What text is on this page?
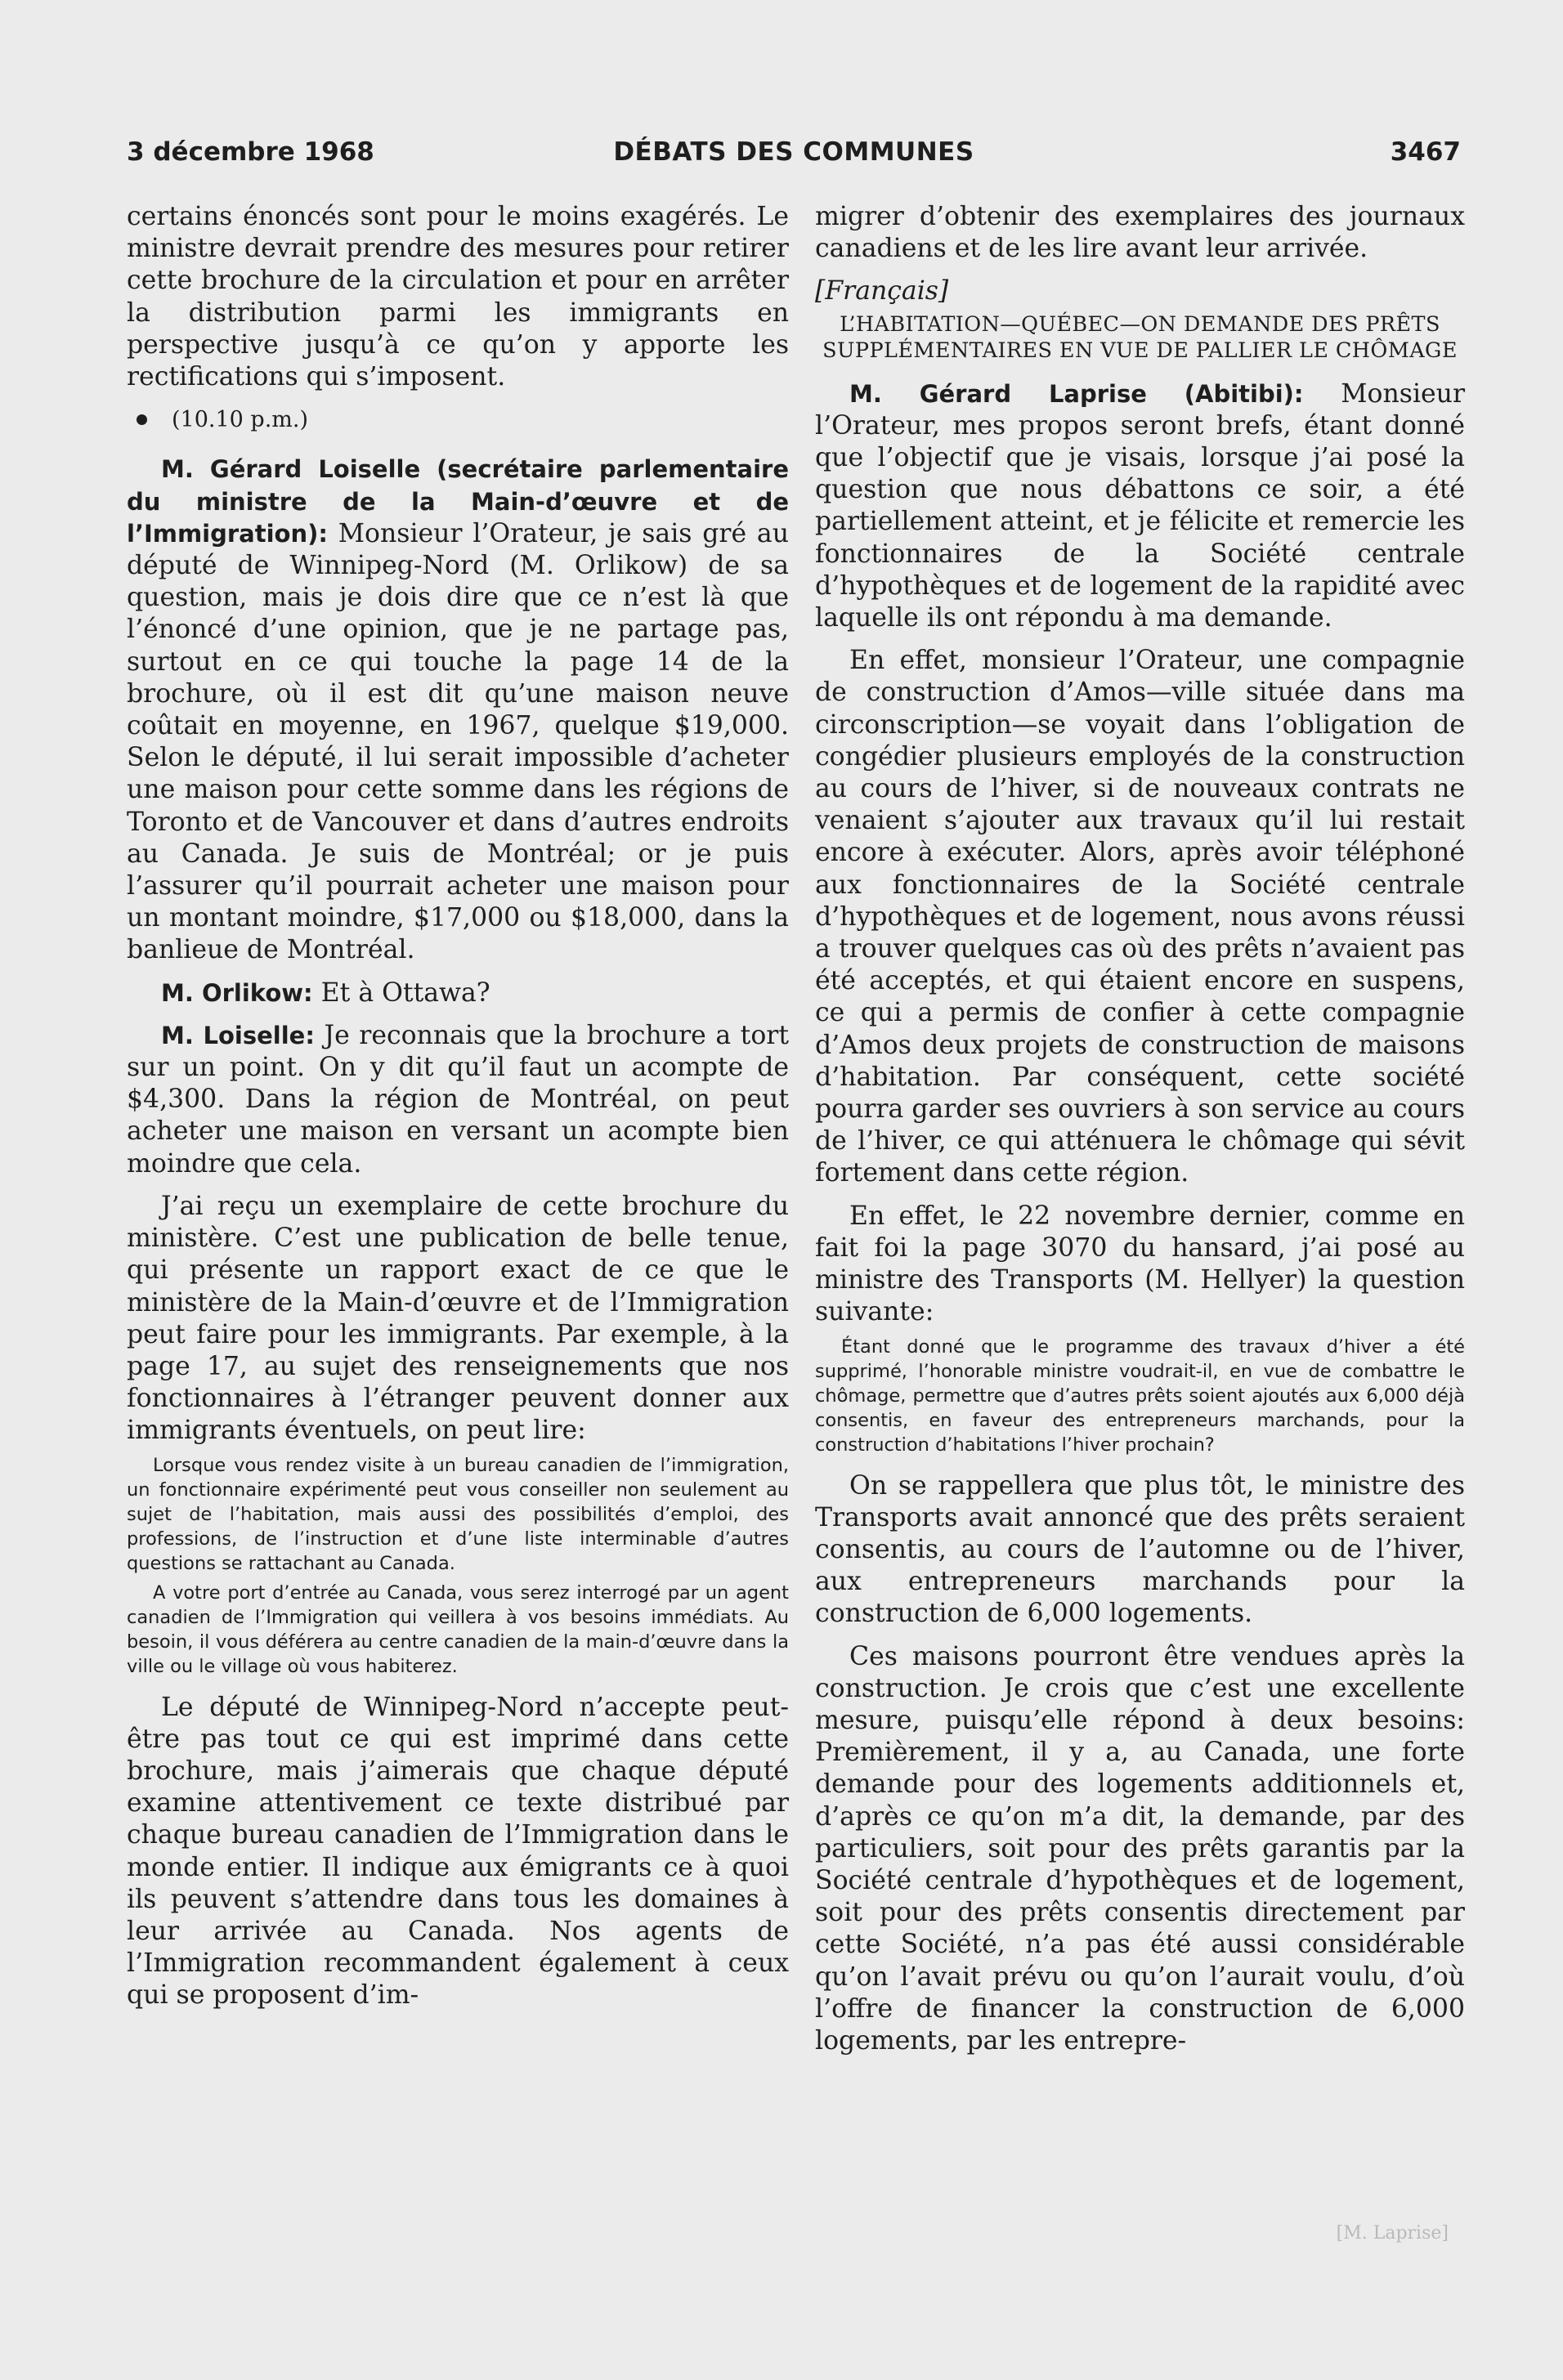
3 décembre 1968	DÉBATS DES COMMUNES	3467

certains énoncés sont pour le moins exagérés. Le ministre devrait prendre des mesures pour retirer cette brochure de la circulation et pour en arrêter la distribution parmi les immigrants en perspective jusqu’à ce qu’on y apporte les rectifications qui s’imposent.

(10.10 p.m.)

M. Gérard Loiselle (secrétaire parlementaire du ministre de la Main-d’œuvre et de l’Immigration): Monsieur l’Orateur, je sais gré au député de Winnipeg-Nord (M. Orlikow) de sa question, mais je dois dire que ce n’est là que l’énoncé d’une opinion, que je ne partage pas, surtout en ce qui touche la page 14 de la brochure, où il est dit qu’une maison neuve coûtait en moyenne, en 1967, quelque $19,000. Selon le député, il lui serait impossible d’acheter une maison pour cette somme dans les régions de Toronto et de Vancouver et dans d’autres endroits au Canada. Je suis de Montréal; or je puis l’assurer qu’il pourrait acheter une maison pour un montant moindre, $17,000 ou $18,000, dans la banlieue de Montréal.

M. Orlikow: Et à Ottawa?

M. Loiselle: Je reconnais que la brochure a tort sur un point. On y dit qu’il faut un acompte de $4,300. Dans la région de Montréal, on peut acheter une maison en versant un acompte bien moindre que cela.

J’ai reçu un exemplaire de cette brochure du ministère. C’est une publication de belle tenue, qui présente un rapport exact de ce que le ministère de la Main-d’œuvre et de l’Immigration peut faire pour les immigrants. Par exemple, à la page 17, au sujet des renseignements que nos fonctionnaires à l’étranger peuvent donner aux immigrants éventuels, on peut lire:

Lorsque vous rendez visite à un bureau canadien de l’immigration, un fonctionnaire expérimenté peut vous conseiller non seulement au sujet de l’habitation, mais aussi des possibilités d’emploi, des professions, de l’instruction et d’une liste interminable d’autres questions se rattachant au Canada.

A votre port d’entrée au Canada, vous serez interrogé par un agent canadien de l’Immigration qui veillera à vos besoins immédiats. Au besoin, il vous déférera au centre canadien de la main-d’œuvre dans la ville ou le village où vous habiterez.

Le député de Winnipeg-Nord n’accepte peut-être pas tout ce qui est imprimé dans cette brochure, mais j’aimerais que chaque député examine attentivement ce texte distribué par chaque bureau canadien de l’Immigration dans le monde entier. Il indique aux émigrants ce à quoi ils peuvent s’attendre dans tous les domaines à leur arrivée au Canada. Nos agents de l’Immigration recommandent également à ceux qui se proposent d’im-

migrer d’obtenir des exemplaires des journaux canadiens et de les lire avant leur arrivée.

[Français]

L’HABITATION—QUÉBEC—ON DEMANDE DES PRÊTS SUPPLÉMENTAIRES EN VUE DE PALLIER LE CHÔMAGE

M. Gérard Laprise (Abitibi): Monsieur l’Orateur, mes propos seront brefs, étant donné que l’objectif que je visais, lorsque j’ai posé la question que nous débattons ce soir, a été partiellement atteint, et je félicite et remercie les fonctionnaires de la Société centrale d’hypothèques et de logement de la rapidité avec laquelle ils ont répondu à ma demande.

En effet, monsieur l’Orateur, une compagnie de construction d’Amos—ville située dans ma circonscription—se voyait dans l’obligation de congédier plusieurs employés de la construction au cours de l’hiver, si de nouveaux contrats ne venaient s’ajouter aux travaux qu’il lui restait encore à exécuter. Alors, après avoir téléphoné aux fonctionnaires de la Société centrale d’hypothèques et de logement, nous avons réussi a trouver quelques cas où des prêts n’avaient pas été acceptés, et qui étaient encore en suspens, ce qui a permis de confier à cette compagnie d’Amos deux projets de construction de maisons d’habitation. Par conséquent, cette société pourra garder ses ouvriers à son service au cours de l’hiver, ce qui atténuera le chômage qui sévit fortement dans cette région.

En effet, le 22 novembre dernier, comme en fait foi la page 3070 du hansard, j’ai posé au ministre des Transports (M. Hellyer) la question suivante:

Étant donné que le programme des travaux d’hiver a été supprimé, l’honorable ministre voudrait-il, en vue de combattre le chômage, permettre que d’autres prêts soient ajoutés aux 6,000 déjà consentis, en faveur des entrepreneurs marchands, pour la construction d’habitations l’hiver prochain?

On se rappellera que plus tôt, le ministre des Transports avait annoncé que des prêts seraient consentis, au cours de l’automne ou de l’hiver, aux entrepreneurs marchands pour la construction de 6,000 logements.

Ces maisons pourront être vendues après la construction. Je crois que c’est une excellente mesure, puisqu’elle répond à deux besoins: Premièrement, il y a, au Canada, une forte demande pour des logements additionnels et, d’après ce qu’on m’a dit, la demande, par des particuliers, soit pour des prêts garantis par la Société centrale d’hypothèques et de logement, soit pour des prêts consentis directement par cette Société, n’a pas été aussi considérable qu’on l’avait prévu ou qu’on l’aurait voulu, d’où l’offre de financer la construction de 6,000 logements, par les entrepre-

[M. Laprise]
